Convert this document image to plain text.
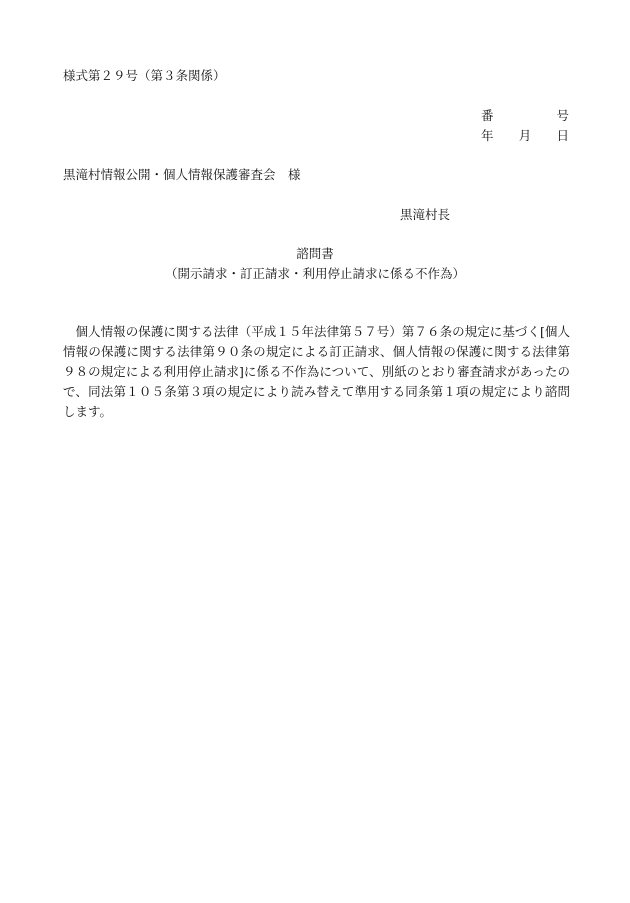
様式第２９号（第３条関係）
番	号
年 月 日
黒滝村情報公開・個人情報保護審査会　様
黒滝村長
諮問書
（開示請求・訂正請求・利用停止請求に係る不作為）
個人情報の保護に関する法律（平成１５年法律第５７号）第７６条の規定に基づく[個人情報の保護に関する法律第９０条の規定による訂正請求、個人情報の保護に関する法律第９８の規定による利用停止請求]に係る不作為について、別紙のとおり審査請求があったので、同法第１０５条第３項の規定により読み替えて準用する同条第１項の規定により諮問します。
